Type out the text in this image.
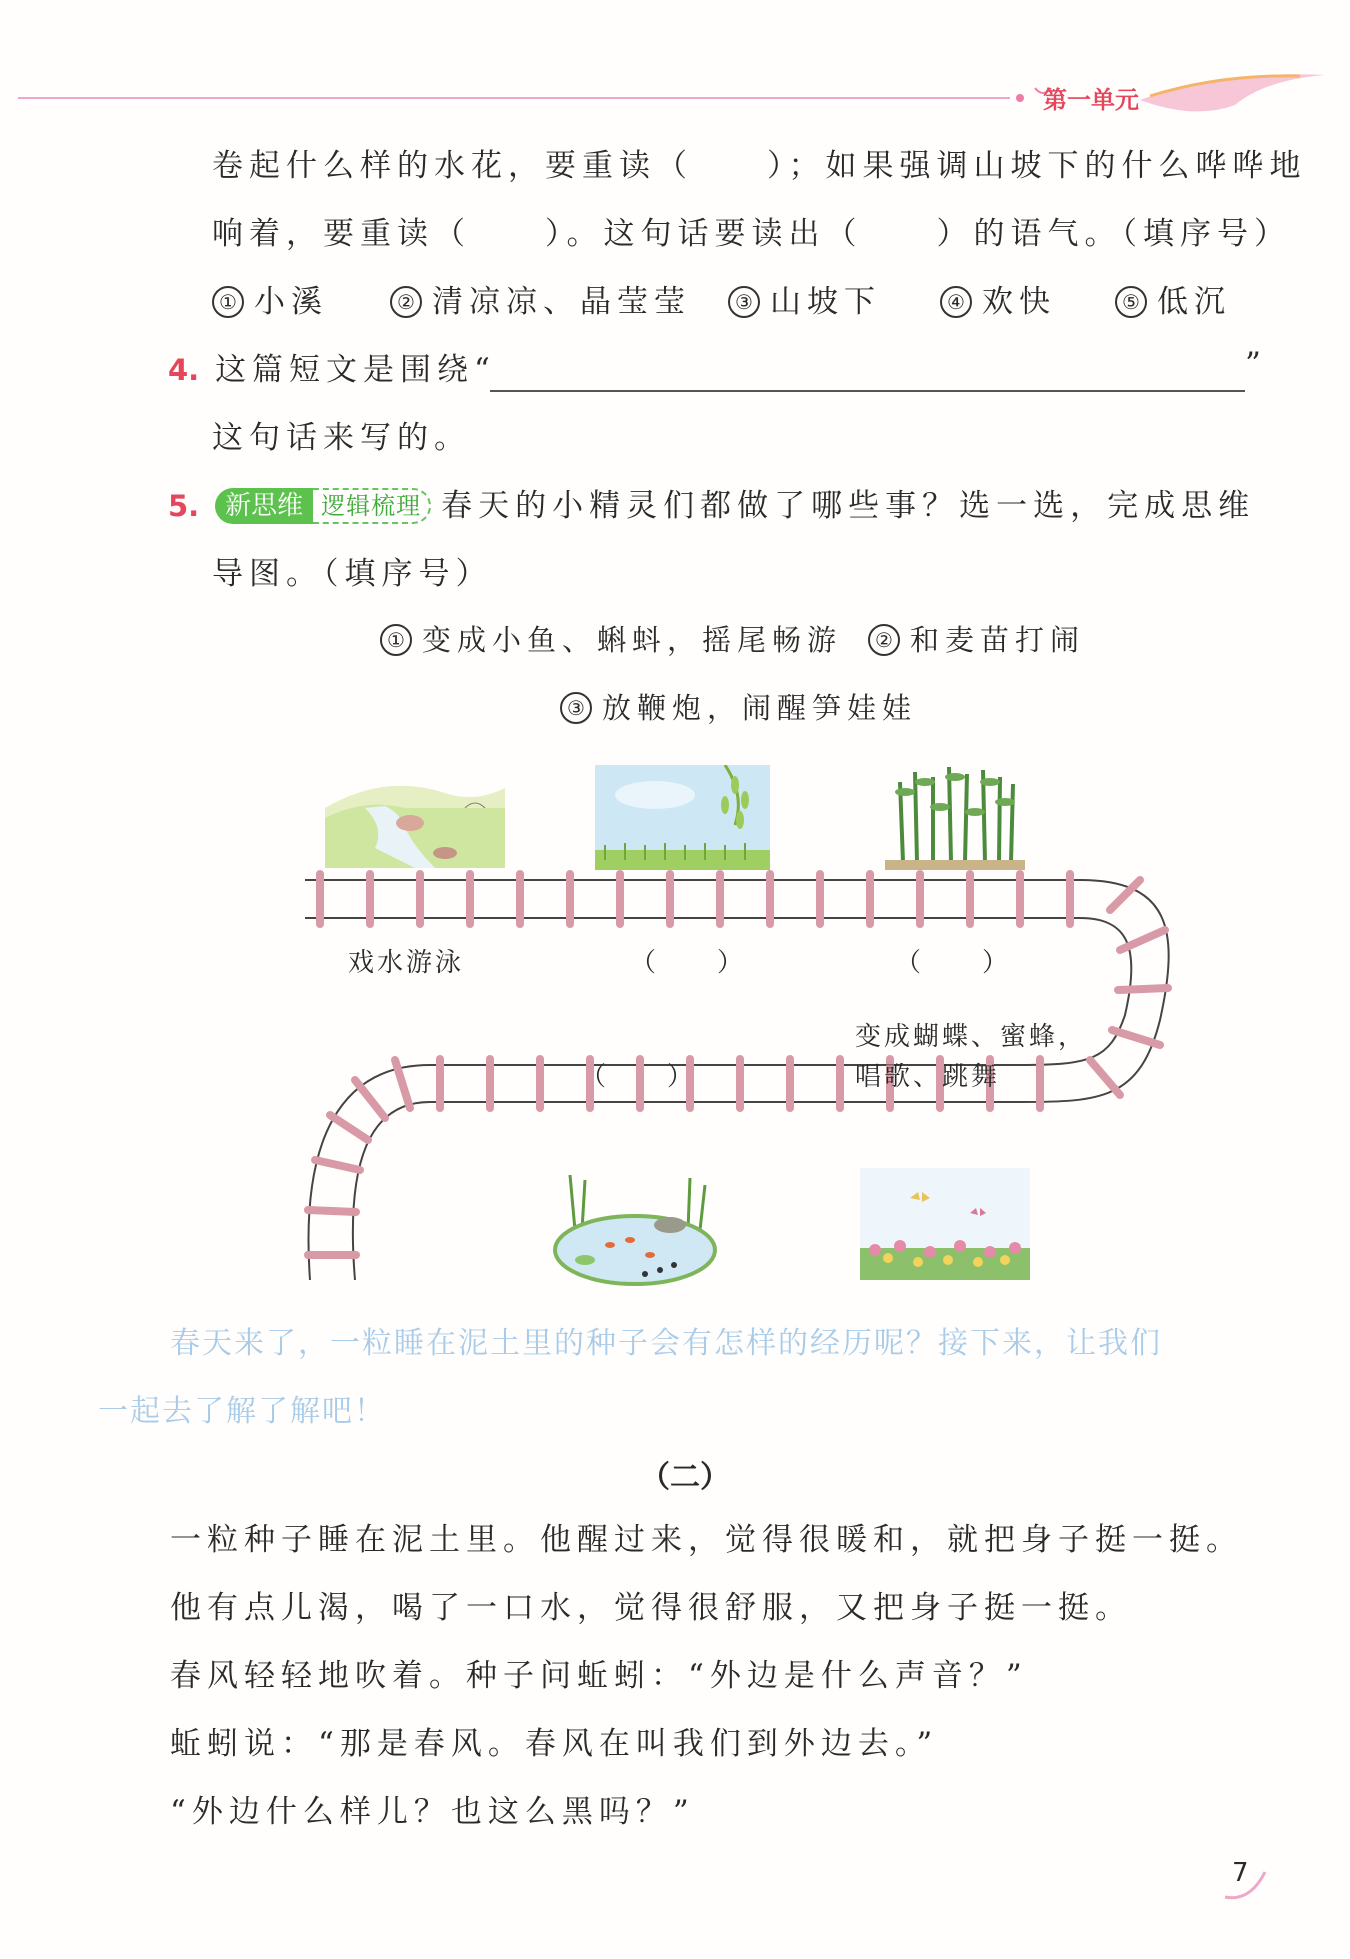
第一单元
卷起什么样的水花，要重读（　　）；如果强调山坡下的什么哗哗地
响着，要重读（　　）。这句话要读出（　　）的语气。（填序号）
① 小溪	② 清凉凉、晶莹莹	③ 山坡下	④ 欢快	⑤ 低沉
4. 这篇短文是围绕“	”
这句话来写的。
5. 新思维 逻辑梳理 春天的小精灵们都做了哪些事？选一选，完成思维
导图。（填序号）
① 变成小鱼、蝌蚪，摇尾畅游	② 和麦苗打闹
③ 放鞭炮，闹醒笋娃娃
戏水游泳	（　　）	（　　）
变成蝴蝶、蜜蜂，
唱歌、跳舞
（　　）
春天来了，一粒睡在泥土里的种子会有怎样的经历呢？接下来，让我们
一起去了解了解吧！
（二）
一粒种子睡在泥土里。他醒过来，觉得很暖和，就把身子挺一挺。
他有点儿渴，喝了一口水，觉得很舒服，又把身子挺一挺。
春风轻轻地吹着。种子问蚯蚓：“外边是什么声音？”
蚯蚓说：“那是春风。春风在叫我们到外边去。”
“外边什么样儿？也这么黑吗？”
7
